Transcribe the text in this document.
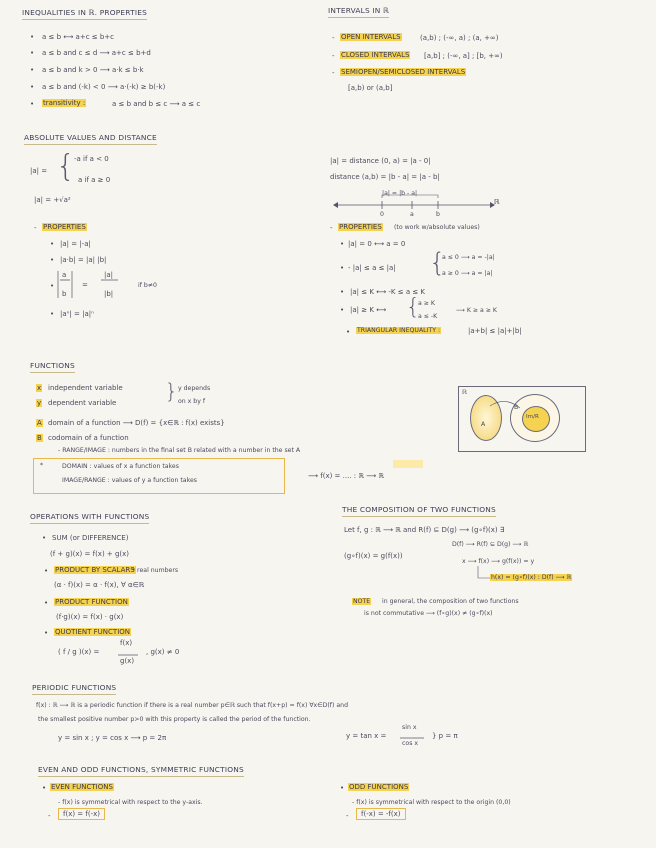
INEQUALITIES IN ℝ. PROPERTIES
• a ≤ b ⟷ a+c ≤ b+c
• a ≤ b and c ≤ d ⟶ a+c ≤ b+d
• a ≤ b and k > 0 ⟶ a·k ≤ b·k
• a ≤ b and (-k) < 0 ⟶ a·(-k) ≥ b(-k)
• transitivity :	a ≤ b and b ≤ c ⟶ a ≤ c
INTERVALS IN ℝ
- OPEN INTERVALS	(a,b) ; (-∞, a) ; (a, +∞)
- CLOSED INTERVALS [a,b] ; (-∞, a] ; [b, +∞)
- SEMIOPEN/SEMICLOSED INTERVALS
[a,b) or (a,b]
ABSOLUTE VALUES AND DISTANCE
|a| = {
-a if a < 0
a if a ≥ 0
|a| = +√a²
- PROPERTIES
• |a| = |-a|
• |a·b| = |a| |b|
•
a
b
=
|a|
|b|
if b≠0
• |aⁿ| = |a|ⁿ
|a| = distance (0, a) = |a - 0|
distance (a,b) = |b - a| = |a - b|
|a| = |b - a|
0	a	b
ℝ
- PROPERTIES (to work w/absolute values)
• |a| = 0 ⟷ a = 0
• - |a| ≤ a ≤ |a| {
a ≤ 0 ⟶ a = -|a|
a ≥ 0 ⟶ a = |a|
• |a| ≤ K ⟷ -K ≤ a ≤ K
• |a| ≥ K ⟷ {
a ≥ K
a ≤ -K
⟶ K ≥ a ≥ K
• TRIANGULAR INEQUALITY :	|a+b| ≤ |a|+|b|
FUNCTIONS
x independent variable
y dependent variable } y depends
on x by f
A domain of a function ⟶ D(f) = {x∈ℝ : f(x) exists}
B codomain of a function
- RANGE/IMAGE : numbers in the final set B related with a number in the set A
*	DOMAIN : values of x a function takes
IMAGE/RANGE : values of y a function takes
⟶ f(x) = .... : ℝ ⟶ ℝ
ℝ
A
B
Im/R
OPERATIONS WITH FUNCTIONS
• SUM (or DIFFERENCE)
(f + g)(x) = f(x) + g(x)
• PRODUCT BY SCALARS
* real numbers
(α · f)(x) = α · f(x), ∀ α∈ℝ
• PRODUCT FUNCTION
(f·g)(x) = f(x) · g(x)
• QUOTIENT FUNCTION
( f / g )(x) =
f(x)
g(x)
, g(x) ≠ 0
THE COMPOSITION OF TWO FUNCTIONS
Let f, g : ℝ ⟶ ℝ and R(f) ⊆ D(g) ⟶ (g∘f)(x) ∃
D(f) ⟶ R(f) ⊆ D(g) ⟶ ℝ
(g∘f)(x) = g(f(x))
x ⟶ f(x) ⟶ g(f(x)) = y
h(x) = (g∘f)(x) : D(f) ⟶ ℝ
NOTE in general, the composition of two functions
is not commutative ⟶ (f∘g)(x) ≠ (g∘f)(x)
PERIODIC FUNCTIONS
f(x) : ℝ ⟶ ℝ is a periodic function if there is a real number p∈ℝ such that f(x+p) = f(x) ∀x∈D(f) and
the smallest positive number p>0 with this property is called the period of the function.
y = sin x ; y = cos x ⟶ p = 2π	y = tan x =
sin x
cos x
} p = π
EVEN AND ODD FUNCTIONS, SYMMETRIC FUNCTIONS
• EVEN FUNCTIONS
- f(x) is symmetrical with respect to the y-axis.
-	f(x) = f(-x)
• ODD FUNCTIONS
- f(x) is symmetrical with respect to the origin (0,0)
-	f(-x) = -f(x)
